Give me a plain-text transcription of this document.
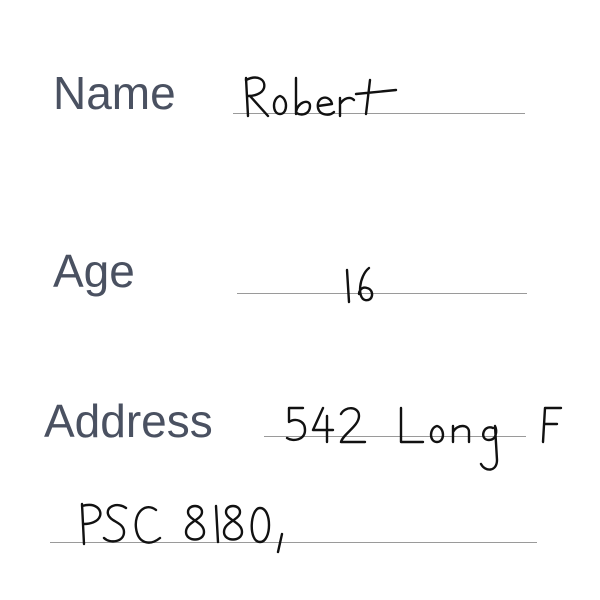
Name
Age
Address
